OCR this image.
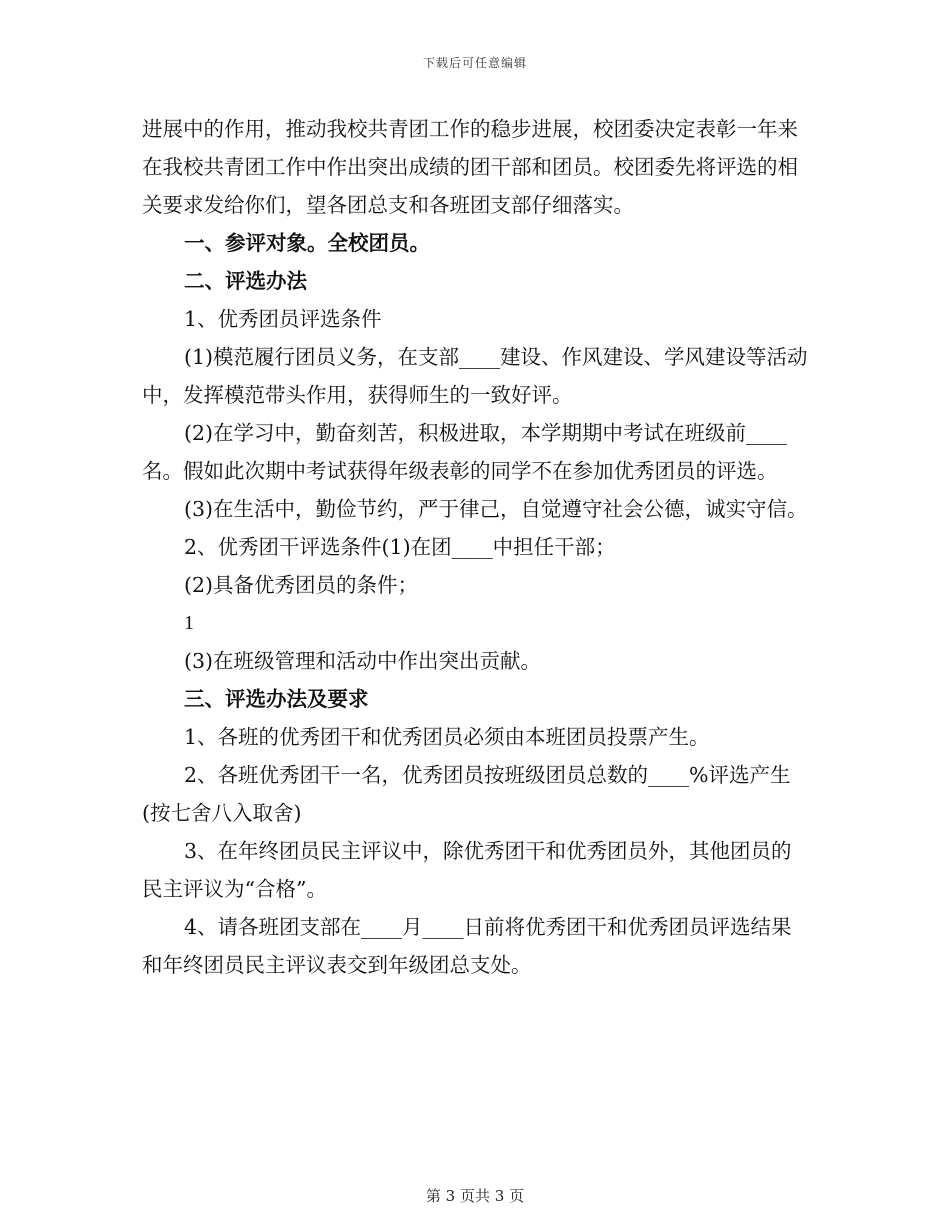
下载后可任意编辑

进展中的作用，推动我校共青团工作的稳步进展，校团委决定表彰一年来在我校共青团工作中作出突出成绩的团干部和团员。校团委先将评选的相关要求发给你们，望各团总支和各班团支部仔细落实。

一、参评对象。全校团员。

二、评选办法

1、优秀团员评选条件

(1)模范履行团员义务，在支部____建设、作风建设、学风建设等活动中，发挥模范带头作用，获得师生的一致好评。

(2)在学习中，勤奋刻苦，积极进取，本学期期中考试在班级前____名。假如此次期中考试获得年级表彰的同学不在参加优秀团员的评选。

(3)在生活中，勤俭节约，严于律己，自觉遵守社会公德，诚实守信。

2、优秀团干评选条件(1)在团____中担任干部；

(2)具备优秀团员的条件；

1

(3)在班级管理和活动中作出突出贡献。

三、评选办法及要求

1、各班的优秀团干和优秀团员必须由本班团员投票产生。

2、各班优秀团干一名，优秀团员按班级团员总数的____%评选产生(按七舍八入取舍)

3、在年终团员民主评议中，除优秀团干和优秀团员外，其他团员的民主评议为“合格”。

4、请各班团支部在____月____日前将优秀团干和优秀团员评选结果和年终团员民主评议表交到年级团总支处。

第 3 页共 3 页
